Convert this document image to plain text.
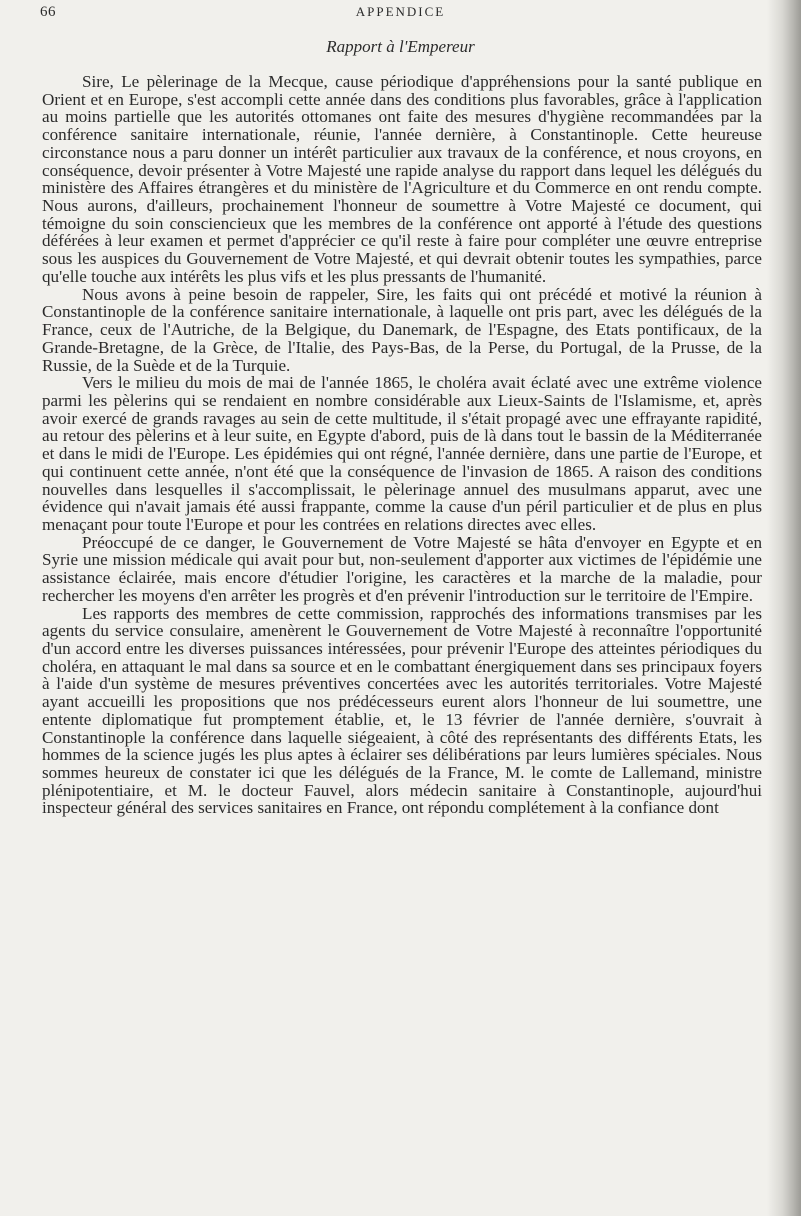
66	APPENDICE
Rapport à l'Empereur

Sire, Le pèlerinage de la Mecque, cause périodique d'appréhensions pour la santé publique en Orient et en Europe, s'est accompli cette année dans des conditions plus favorables, grâce à l'application au moins partielle que les autorités ottomanes ont faite des mesures d'hygiène recommandées par la conférence sanitaire internationale, réunie, l'année dernière, à Constantinople. Cette heureuse circonstance nous a paru donner un intérêt particulier aux travaux de la conférence, et nous croyons, en conséquence, devoir présenter à Votre Majesté une rapide analyse du rapport dans lequel les délégués du ministère des Affaires étrangères et du ministère de l'Agriculture et du Commerce en ont rendu compte. Nous aurons, d'ailleurs, prochainement l'honneur de soumettre à Votre Majesté ce document, qui témoigne du soin consciencieux que les membres de la conférence ont apporté à l'étude des questions déférées à leur examen et permet d'apprécier ce qu'il reste à faire pour compléter une œuvre entreprise sous les auspices du Gouvernement de Votre Majesté, et qui devrait obtenir toutes les sympathies, parce qu'elle touche aux intérêts les plus vifs et les plus pressants de l'humanité.

Nous avons à peine besoin de rappeler, Sire, les faits qui ont précédé et motivé la réunion à Constantinople de la conférence sanitaire internationale, à laquelle ont pris part, avec les délégués de la France, ceux de l'Autriche, de la Belgique, du Danemark, de l'Espagne, des Etats pontificaux, de la Grande-Bretagne, de la Grèce, de l'Italie, des Pays-Bas, de la Perse, du Portugal, de la Prusse, de la Russie, de la Suède et de la Turquie.

Vers le milieu du mois de mai de l'année 1865, le choléra avait éclaté avec une extrême violence parmi les pèlerins qui se rendaient en nombre considérable aux Lieux-Saints de l'Islamisme, et, après avoir exercé de grands ravages au sein de cette multitude, il s'était propagé avec une effrayante rapidité, au retour des pèlerins et à leur suite, en Egypte d'abord, puis de là dans tout le bassin de la Méditerranée et dans le midi de l'Europe. Les épidémies qui ont régné, l'année dernière, dans une partie de l'Europe, et qui continuent cette année, n'ont été que la conséquence de l'invasion de 1865. A raison des conditions nouvelles dans lesquelles il s'accomplissait, le pèlerinage annuel des musulmans apparut, avec une évidence qui n'avait jamais été aussi frappante, comme la cause d'un péril particulier et de plus en plus menaçant pour toute l'Europe et pour les contrées en relations directes avec elles.

Préoccupé de ce danger, le Gouvernement de Votre Majesté se hâta d'envoyer en Egypte et en Syrie une mission médicale qui avait pour but, non-seulement d'apporter aux victimes de l'épidémie une assistance éclairée, mais encore d'étudier l'origine, les caractères et la marche de la maladie, pour rechercher les moyens d'en arrêter les progrès et d'en prévenir l'introduction sur le territoire de l'Empire.

Les rapports des membres de cette commission, rapprochés des informations transmises par les agents du service consulaire, amenèrent le Gouvernement de Votre Majesté à reconnaître l'opportunité d'un accord entre les diverses puissances intéressées, pour prévenir l'Europe des atteintes périodiques du choléra, en attaquant le mal dans sa source et en le combattant énergiquement dans ses principaux foyers à l'aide d'un système de mesures préventives concertées avec les autorités territoriales. Votre Majesté ayant accueilli les propositions que nos prédécesseurs eurent alors l'honneur de lui soumettre, une entente diplomatique fut promptement établie, et, le 13 février de l'année dernière, s'ouvrait à Constantinople la conférence dans laquelle siégeaient, à côté des représentants des différents Etats, les hommes de la science jugés les plus aptes à éclairer ses délibérations par leurs lumières spéciales. Nous sommes heureux de constater ici que les délégués de la France, M. le comte de Lallemand, ministre plénipotentiaire, et M. le docteur Fauvel, alors médecin sanitaire à Constantinople, aujourd'hui inspecteur général des services sanitaires en France, ont répondu complétement à la confiance dont
